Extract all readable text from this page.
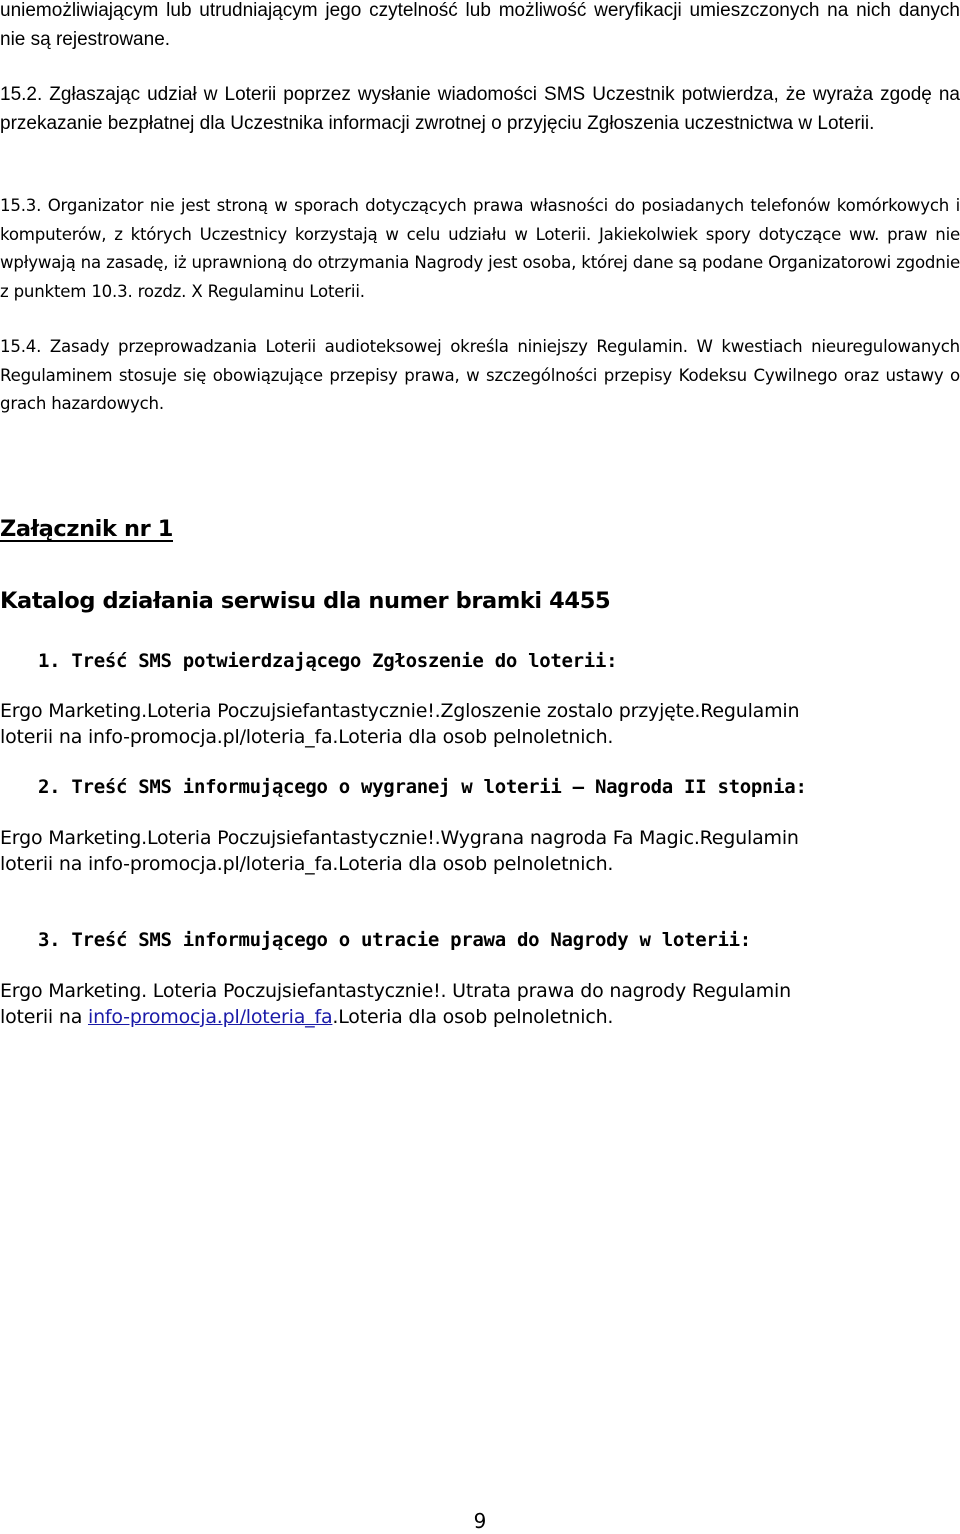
uniemożliwiającym lub utrudniającym jego czytelność lub możliwość weryfikacji umieszczonych na nich danych nie są rejestrowane.
15.2. Zgłaszając udział w Loterii poprzez wysłanie wiadomości SMS Uczestnik potwierdza, że wyraża zgodę na przekazanie bezpłatnej dla Uczestnika informacji zwrotnej o przyjęciu Zgłoszenia uczestnictwa w Loterii.
15.3. Organizator nie jest stroną w sporach dotyczących prawa własności do posiadanych telefonów komórkowych i komputerów, z których Uczestnicy korzystają w celu udziału w Loterii. Jakiekolwiek spory dotyczące ww. praw nie wpływają na zasadę, iż uprawnioną do otrzymania Nagrody jest osoba, której dane są podane Organizatorowi zgodnie z punktem 10.3. rozdz. X Regulaminu Loterii.
15.4. Zasady przeprowadzania Loterii audioteksowej określa niniejszy Regulamin. W kwestiach nieuregulowanych Regulaminem stosuje się obowiązujące przepisy prawa, w szczególności przepisy Kodeksu Cywilnego oraz ustawy o grach hazardowych.
Załącznik nr 1
Katalog działania serwisu dla numer bramki 4455
1. Treść SMS potwierdzającego Zgłoszenie do loterii:
Ergo Marketing.Loteria Poczujsiefantastycznie!.Zgloszenie zostalo przyjęte.Regulamin
loterii na info-promocja.pl/loteria_fa.Loteria dla osob pelnoletnich.
2. Treść SMS informującego o wygranej w loterii – Nagroda II stopnia:
Ergo Marketing.Loteria Poczujsiefantastycznie!.Wygrana nagroda Fa Magic.Regulamin
loterii na info-promocja.pl/loteria_fa.Loteria dla osob pelnoletnich.
3. Treść SMS informującego o utracie prawa do Nagrody w loterii:
Ergo Marketing. Loteria Poczujsiefantastycznie!. Utrata prawa do nagrody Regulamin
loterii na info-promocja.pl/loteria_fa.Loteria dla osob pelnoletnich.
9
